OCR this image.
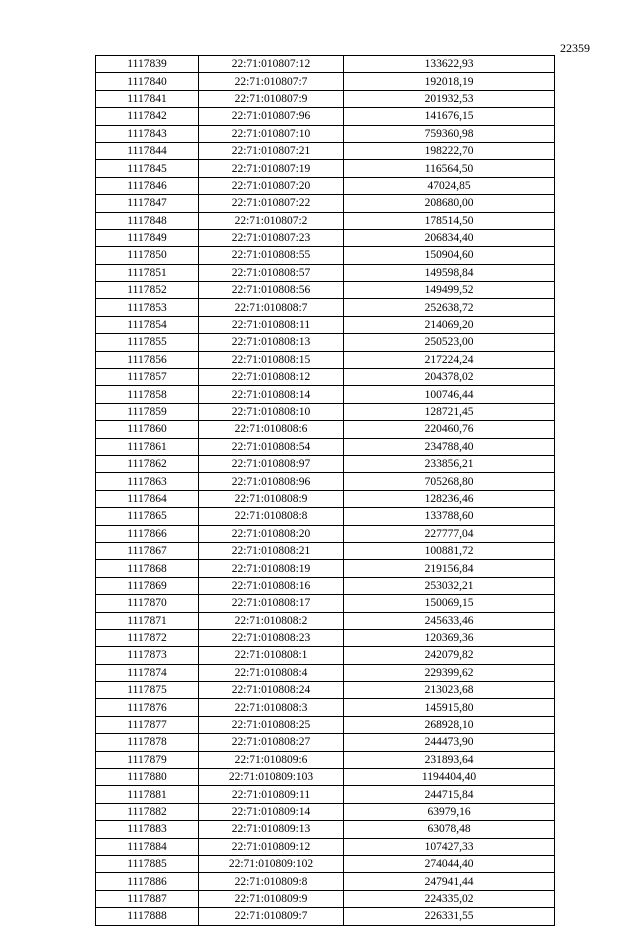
22359
1117839	22:71:010807:12	133622,93
1117840	22:71:010807:7	192018,19
1117841	22:71:010807:9	201932,53
1117842	22:71:010807:96	141676,15
1117843	22:71:010807:10	759360,98
1117844	22:71:010807:21	198222,70
1117845	22:71:010807:19	116564,50
1117846	22:71:010807:20	47024,85
1117847	22:71:010807:22	208680,00
1117848	22:71:010807:2	178514,50
1117849	22:71:010807:23	206834,40
1117850	22:71:010808:55	150904,60
1117851	22:71:010808:57	149598,84
1117852	22:71:010808:56	149499,52
1117853	22:71:010808:7	252638,72
1117854	22:71:010808:11	214069,20
1117855	22:71:010808:13	250523,00
1117856	22:71:010808:15	217224,24
1117857	22:71:010808:12	204378,02
1117858	22:71:010808:14	100746,44
1117859	22:71:010808:10	128721,45
1117860	22:71:010808:6	220460,76
1117861	22:71:010808:54	234788,40
1117862	22:71:010808:97	233856,21
1117863	22:71:010808:96	705268,80
1117864	22:71:010808:9	128236,46
1117865	22:71:010808:8	133788,60
1117866	22:71:010808:20	227777,04
1117867	22:71:010808:21	100881,72
1117868	22:71:010808:19	219156,84
1117869	22:71:010808:16	253032,21
1117870	22:71:010808:17	150069,15
1117871	22:71:010808:2	245633,46
1117872	22:71:010808:23	120369,36
1117873	22:71:010808:1	242079,82
1117874	22:71:010808:4	229399,62
1117875	22:71:010808:24	213023,68
1117876	22:71:010808:3	145915,80
1117877	22:71:010808:25	268928,10
1117878	22:71:010808:27	244473,90
1117879	22:71:010809:6	231893,64
1117880	22:71:010809:103	1194404,40
1117881	22:71:010809:11	244715,84
1117882	22:71:010809:14	63979,16
1117883	22:71:010809:13	63078,48
1117884	22:71:010809:12	107427,33
1117885	22:71:010809:102	274044,40
1117886	22:71:010809:8	247941,44
1117887	22:71:010809:9	224335,02
1117888	22:71:010809:7	226331,55
